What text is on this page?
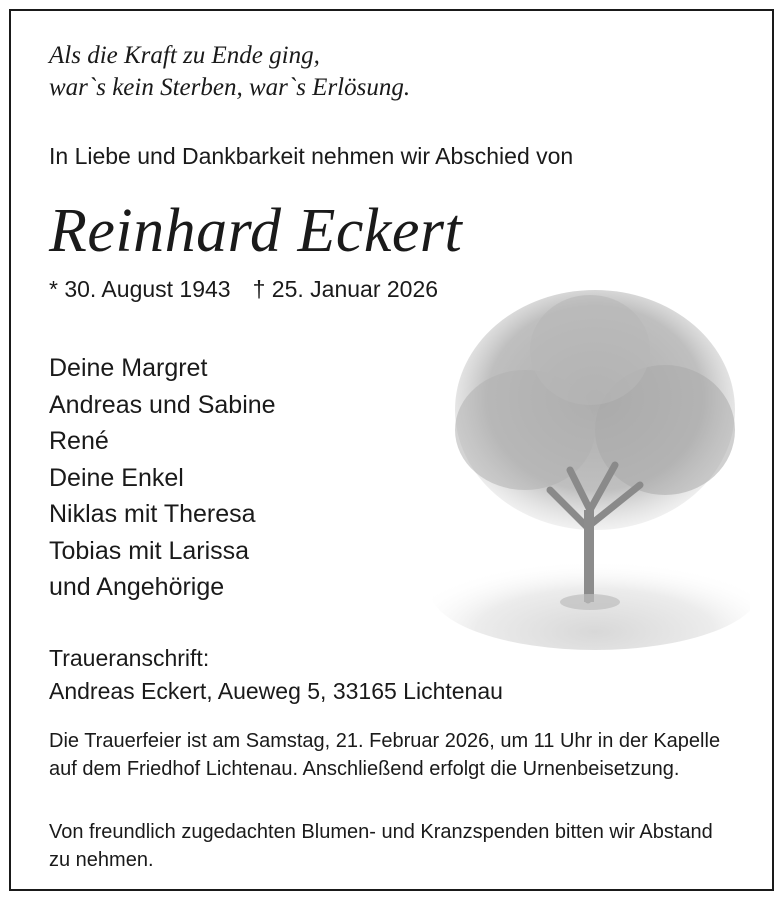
Als die Kraft zu Ende ging,
war`s kein Sterben, war`s Erlösung.

In Liebe und Dankbarkeit nehmen wir Abschied von

Reinhard Eckert

* 30. August 1943 † 25. Januar 2026

Deine Margret
Andreas und Sabine
René
Deine Enkel
Niklas mit Theresa
Tobias mit Larissa
und Angehörige

Traueranschrift:

Andreas Eckert, Aueweg 5, 33165 Lichtenau

Die Trauerfeier ist am Samstag, 21. Februar 2026, um 11 Uhr in der Kapelle auf dem Friedhof Lichtenau. Anschließend erfolgt die Urnenbeisetzung.

Von freundlich zugedachten Blumen- und Kranzspenden bitten wir Abstand zu nehmen.
